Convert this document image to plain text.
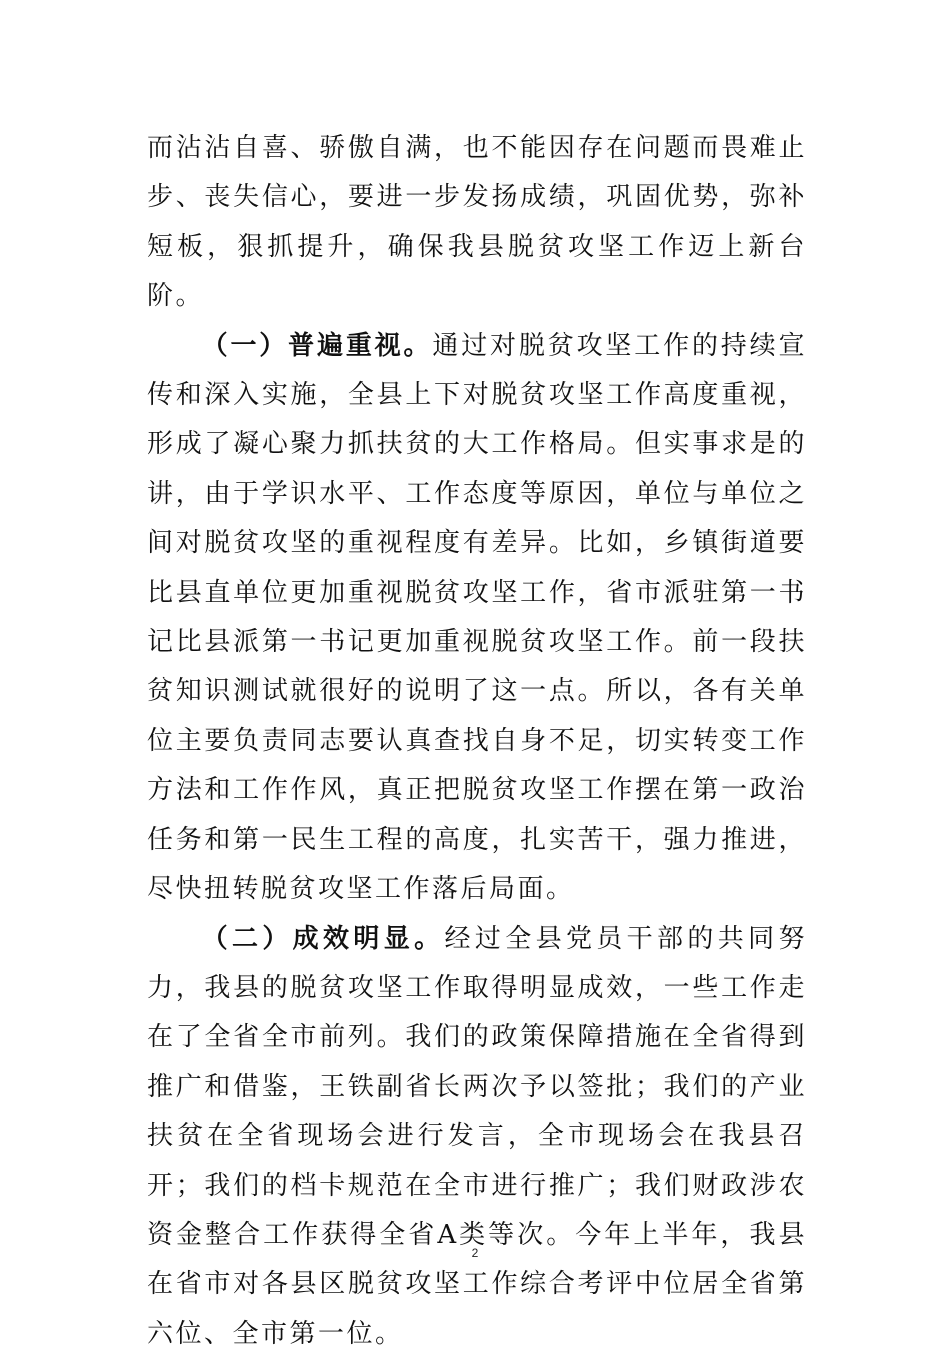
而沾沾自喜、骄傲自满，也不能因存在问题而畏难止步、丧失信心，要进一步发扬成绩，巩固优势，弥补短板，狠抓提升，确保我县脱贫攻坚工作迈上新台阶。

（一）普遍重视。通过对脱贫攻坚工作的持续宣传和深入实施，全县上下对脱贫攻坚工作高度重视，形成了凝心聚力抓扶贫的大工作格局。但实事求是的讲，由于学识水平、工作态度等原因，单位与单位之间对脱贫攻坚的重视程度有差异。比如，乡镇街道要比县直单位更加重视脱贫攻坚工作，省市派驻第一书记比县派第一书记更加重视脱贫攻坚工作。前一段扶贫知识测试就很好的说明了这一点。所以，各有关单位主要负责同志要认真查找自身不足，切实转变工作方法和工作作风，真正把脱贫攻坚工作摆在第一政治任务和第一民生工程的高度，扎实苦干，强力推进，尽快扭转脱贫攻坚工作落后局面。

（二）成效明显。经过全县党员干部的共同努力，我县的脱贫攻坚工作取得明显成效，一些工作走在了全省全市前列。我们的政策保障措施在全省得到推广和借鉴，王铁副省长两次予以签批；我们的产业扶贫在全省现场会进行发言，全市现场会在我县召开；我们的档卡规范在全市进行推广；我们财政涉农资金整合工作获得全省A类等次。今年上半年，我县在省市对各县区脱贫攻坚工作综合考评中位居全省第六位、全市第一位。

2
